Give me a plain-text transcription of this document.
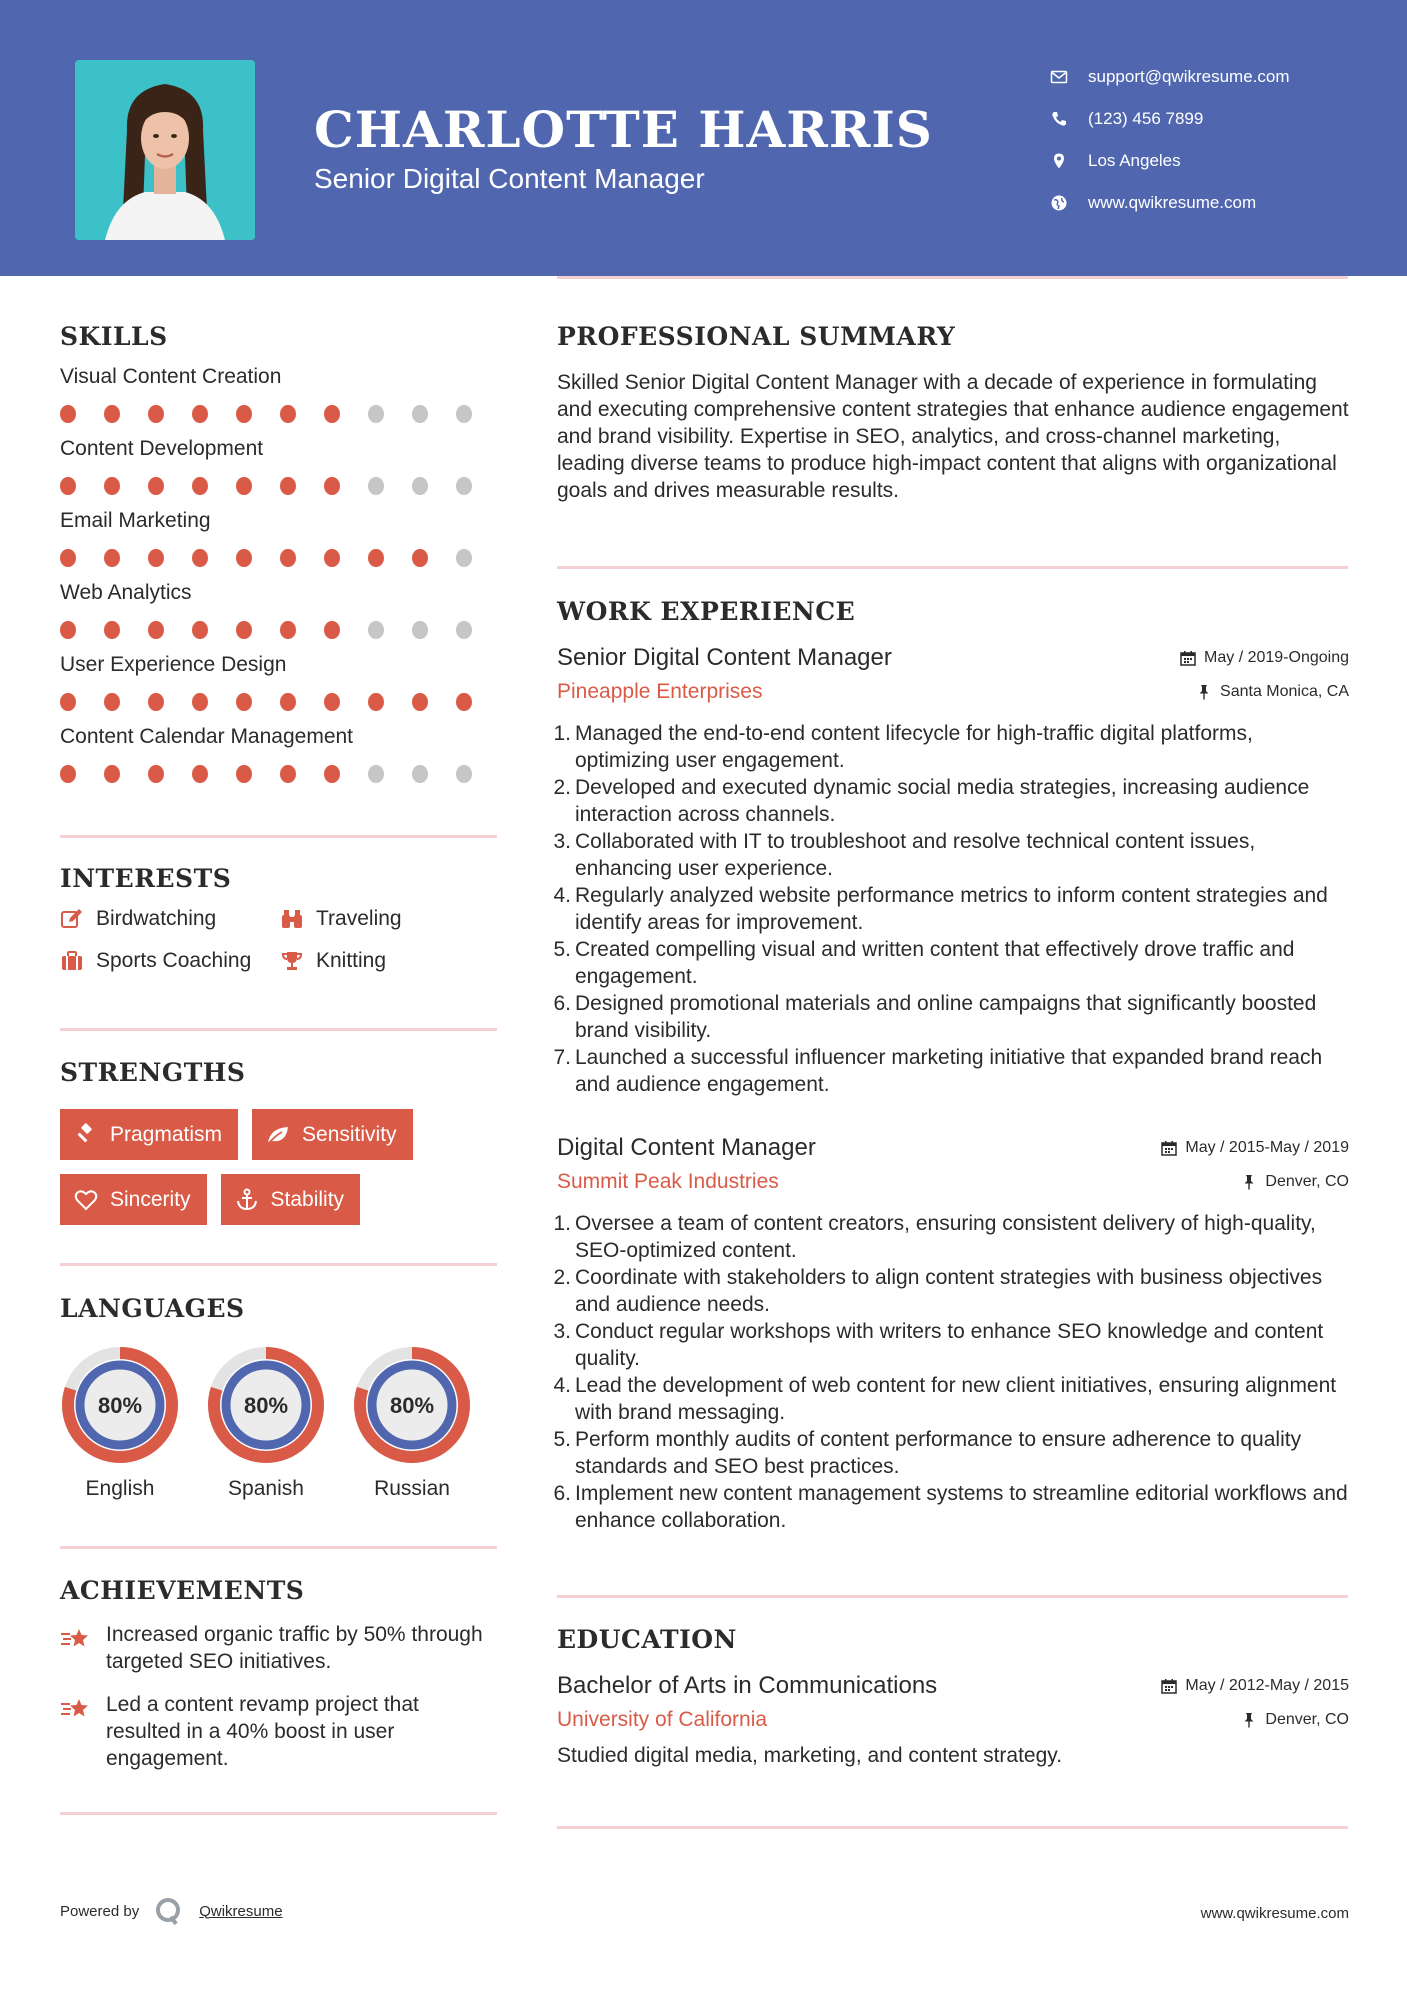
CHARLOTTE HARRIS
Senior Digital Content Manager
support@qwikresume.com
(123) 456 7899
Los Angeles
www.qwikresume.com
SKILLS
Visual Content Creation
Content Development
Email Marketing
Web Analytics
User Experience Design
Content Calendar Management
INTERESTS
Birdwatching	Traveling
Sports Coaching	Knitting
STRENGTHS
Pragmatism	Sensitivity
Sincerity	Stability
LANGUAGES
80%
English
80%
Spanish
80%
Russian
ACHIEVEMENTS
Increased organic traffic by 50% through targeted SEO initiatives.
Led a content revamp project that resulted in a 40% boost in user engagement.
PROFESSIONAL SUMMARY
Skilled Senior Digital Content Manager with a decade of experience in formulating and executing comprehensive content strategies that enhance audience engagement and brand visibility. Expertise in SEO, analytics, and cross-channel marketing, leading diverse teams to produce high-impact content that aligns with organizational goals and drives measurable results.
WORK EXPERIENCE
Senior Digital Content Manager	May / 2019-Ongoing
Pineapple Enterprises	Santa Monica, CA
1. Managed the end-to-end content lifecycle for high-traffic digital platforms, optimizing user engagement.
2. Developed and executed dynamic social media strategies, increasing audience interaction across channels.
3. Collaborated with IT to troubleshoot and resolve technical content issues, enhancing user experience.
4. Regularly analyzed website performance metrics to inform content strategies and identify areas for improvement.
5. Created compelling visual and written content that effectively drove traffic and engagement.
6. Designed promotional materials and online campaigns that significantly boosted brand visibility.
7. Launched a successful influencer marketing initiative that expanded brand reach and audience engagement.
Digital Content Manager	May / 2015-May / 2019
Summit Peak Industries	Denver, CO
1. Oversee a team of content creators, ensuring consistent delivery of high-quality, SEO-optimized content.
2. Coordinate with stakeholders to align content strategies with business objectives and audience needs.
3. Conduct regular workshops with writers to enhance SEO knowledge and content quality.
4. Lead the development of web content for new client initiatives, ensuring alignment with brand messaging.
5. Perform monthly audits of content performance to ensure adherence to quality standards and SEO best practices.
6. Implement new content management systems to streamline editorial workflows and enhance collaboration.
EDUCATION
Bachelor of Arts in Communications	May / 2012-May / 2015
University of California	Denver, CO
Studied digital media, marketing, and content strategy.
Powered by	Qwikresume	www.qwikresume.com
